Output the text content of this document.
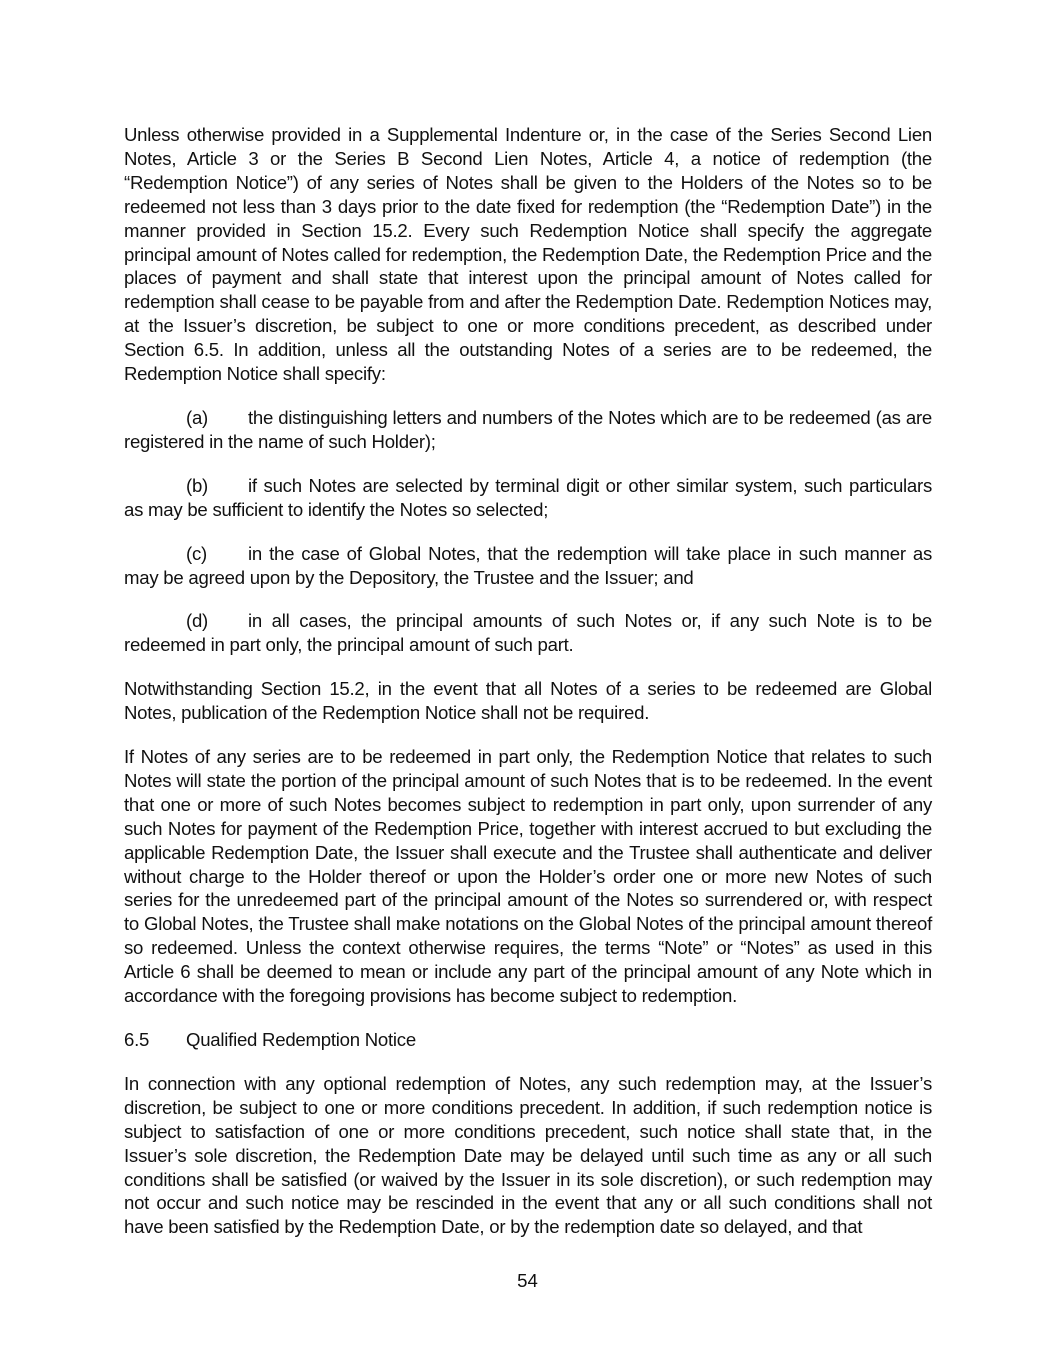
Unless otherwise provided in a Supplemental Indenture or, in the case of the Series Second Lien Notes, Article 3 or the Series B Second Lien Notes, Article 4, a notice of redemption (the “Redemption Notice”) of any series of Notes shall be given to the Holders of the Notes so to be redeemed not less than 3 days prior to the date fixed for redemption (the “Redemption Date”) in the manner provided in Section 15.2. Every such Redemption Notice shall specify the aggregate principal amount of Notes called for redemption, the Redemption Date, the Redemption Price and the places of payment and shall state that interest upon the principal amount of Notes called for redemption shall cease to be payable from and after the Redemption Date. Redemption Notices may, at the Issuer’s discretion, be subject to one or more conditions precedent, as described under Section 6.5. In addition, unless all the outstanding Notes of a series are to be redeemed, the Redemption Notice shall specify:

(a) the distinguishing letters and numbers of the Notes which are to be redeemed (as are registered in the name of such Holder);

(b) if such Notes are selected by terminal digit or other similar system, such particulars as may be sufficient to identify the Notes so selected;

(c) in the case of Global Notes, that the redemption will take place in such manner as may be agreed upon by the Depository, the Trustee and the Issuer; and

(d) in all cases, the principal amounts of such Notes or, if any such Note is to be redeemed in part only, the principal amount of such part.

Notwithstanding Section 15.2, in the event that all Notes of a series to be redeemed are Global Notes, publication of the Redemption Notice shall not be required.

If Notes of any series are to be redeemed in part only, the Redemption Notice that relates to such Notes will state the portion of the principal amount of such Notes that is to be redeemed. In the event that one or more of such Notes becomes subject to redemption in part only, upon surrender of any such Notes for payment of the Redemption Price, together with interest accrued to but excluding the applicable Redemption Date, the Issuer shall execute and the Trustee shall authenticate and deliver without charge to the Holder thereof or upon the Holder’s order one or more new Notes of such series for the unredeemed part of the principal amount of the Notes so surrendered or, with respect to Global Notes, the Trustee shall make notations on the Global Notes of the principal amount thereof so redeemed. Unless the context otherwise requires, the terms “Note” or “Notes” as used in this Article 6 shall be deemed to mean or include any part of the principal amount of any Note which in accordance with the foregoing provisions has become subject to redemption.

6.5	Qualified Redemption Notice

In connection with any optional redemption of Notes, any such redemption may, at the Issuer’s discretion, be subject to one or more conditions precedent. In addition, if such redemption notice is subject to satisfaction of one or more conditions precedent, such notice shall state that, in the Issuer’s sole discretion, the Redemption Date may be delayed until such time as any or all such conditions shall be satisfied (or waived by the Issuer in its sole discretion), or such redemption may not occur and such notice may be rescinded in the event that any or all such conditions shall not have been satisfied by the Redemption Date, or by the redemption date so delayed, and that

54
